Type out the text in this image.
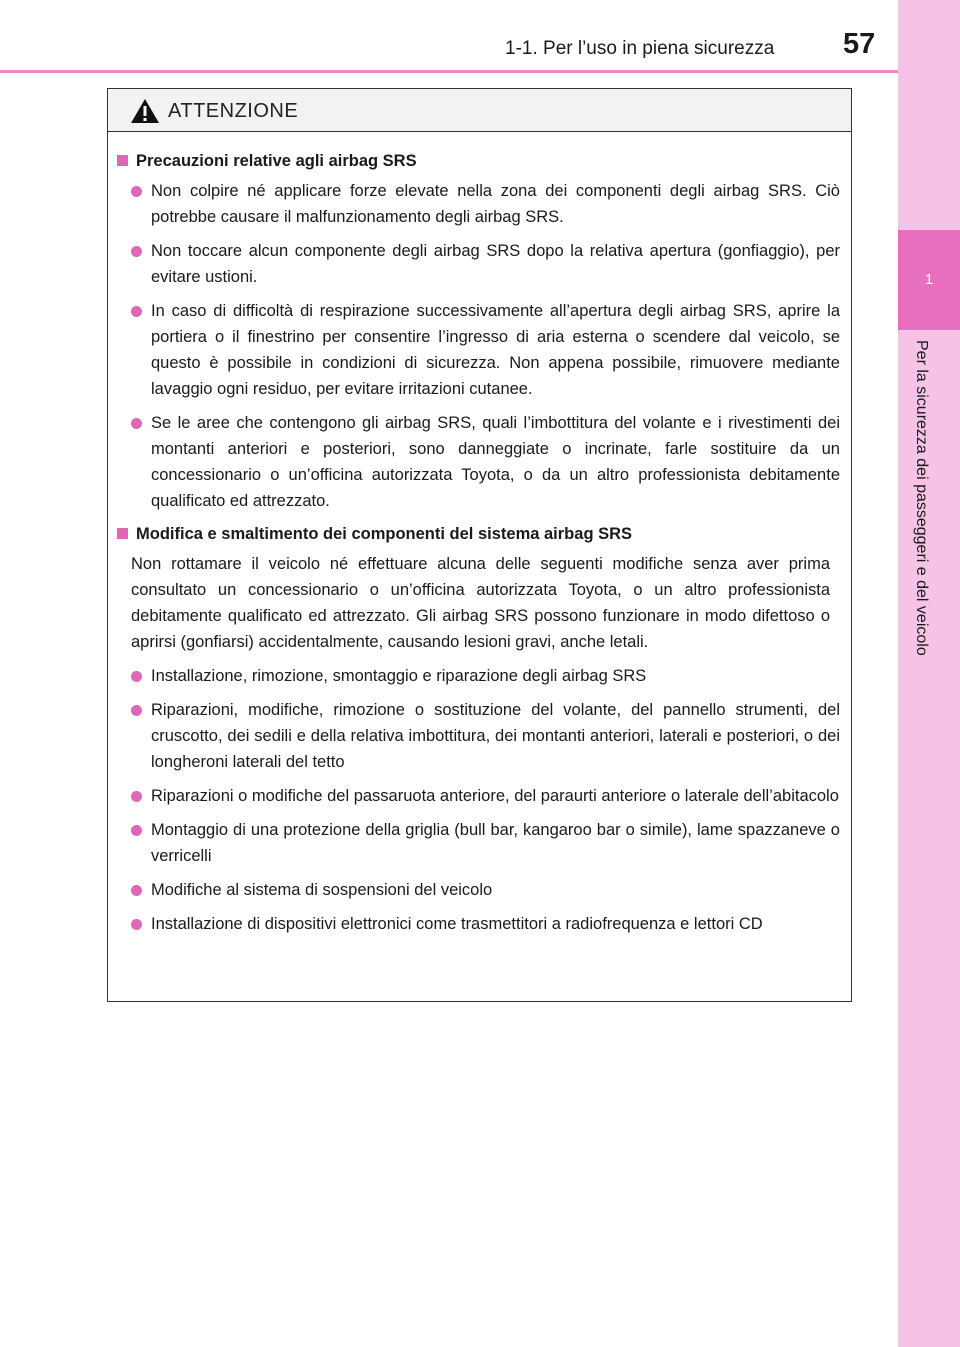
1-1. Per l’uso in piena sicurezza 57
1
Per la sicurezza dei passeggeri e del veicolo
ATTENZIONE
Precauzioni relative agli airbag SRS
Non colpire né applicare forze elevate nella zona dei componenti degli airbag SRS. Ciò potrebbe causare il malfunzionamento degli airbag SRS.
Non toccare alcun componente degli airbag SRS dopo la relativa apertura (gonfiaggio), per evitare ustioni.
In caso di difficoltà di respirazione successivamente all’apertura degli airbag SRS, aprire la portiera o il finestrino per consentire l’ingresso di aria esterna o scendere dal veicolo, se questo è possibile in condizioni di sicurezza. Non appena possibile, rimuovere mediante lavaggio ogni residuo, per evitare irritazioni cutanee.
Se le aree che contengono gli airbag SRS, quali l’imbottitura del volante e i rivestimenti dei montanti anteriori e posteriori, sono danneggiate o incrinate, farle sostituire da un concessionario o un’officina autorizzata Toyota, o da un altro professionista debitamente qualificato ed attrezzato.
Modifica e smaltimento dei componenti del sistema airbag SRS
Non rottamare il veicolo né effettuare alcuna delle seguenti modifiche senza aver prima consultato un concessionario o un’officina autorizzata Toyota, o un altro professionista debitamente qualificato ed attrezzato. Gli airbag SRS possono funzionare in modo difettoso o aprirsi (gonfiarsi) accidentalmente, causando lesioni gravi, anche letali.
Installazione, rimozione, smontaggio e riparazione degli airbag SRS
Riparazioni, modifiche, rimozione o sostituzione del volante, del pannello strumenti, del cruscotto, dei sedili e della relativa imbottitura, dei montanti anteriori, laterali e posteriori, o dei longheroni laterali del tetto
Riparazioni o modifiche del passaruota anteriore, del paraurti anteriore o laterale dell’abitacolo
Montaggio di una protezione della griglia (bull bar, kangaroo bar o simile), lame spazzaneve o verricelli
Modifiche al sistema di sospensioni del veicolo
Installazione di dispositivi elettronici come trasmettitori a radiofrequenza e lettori CD
